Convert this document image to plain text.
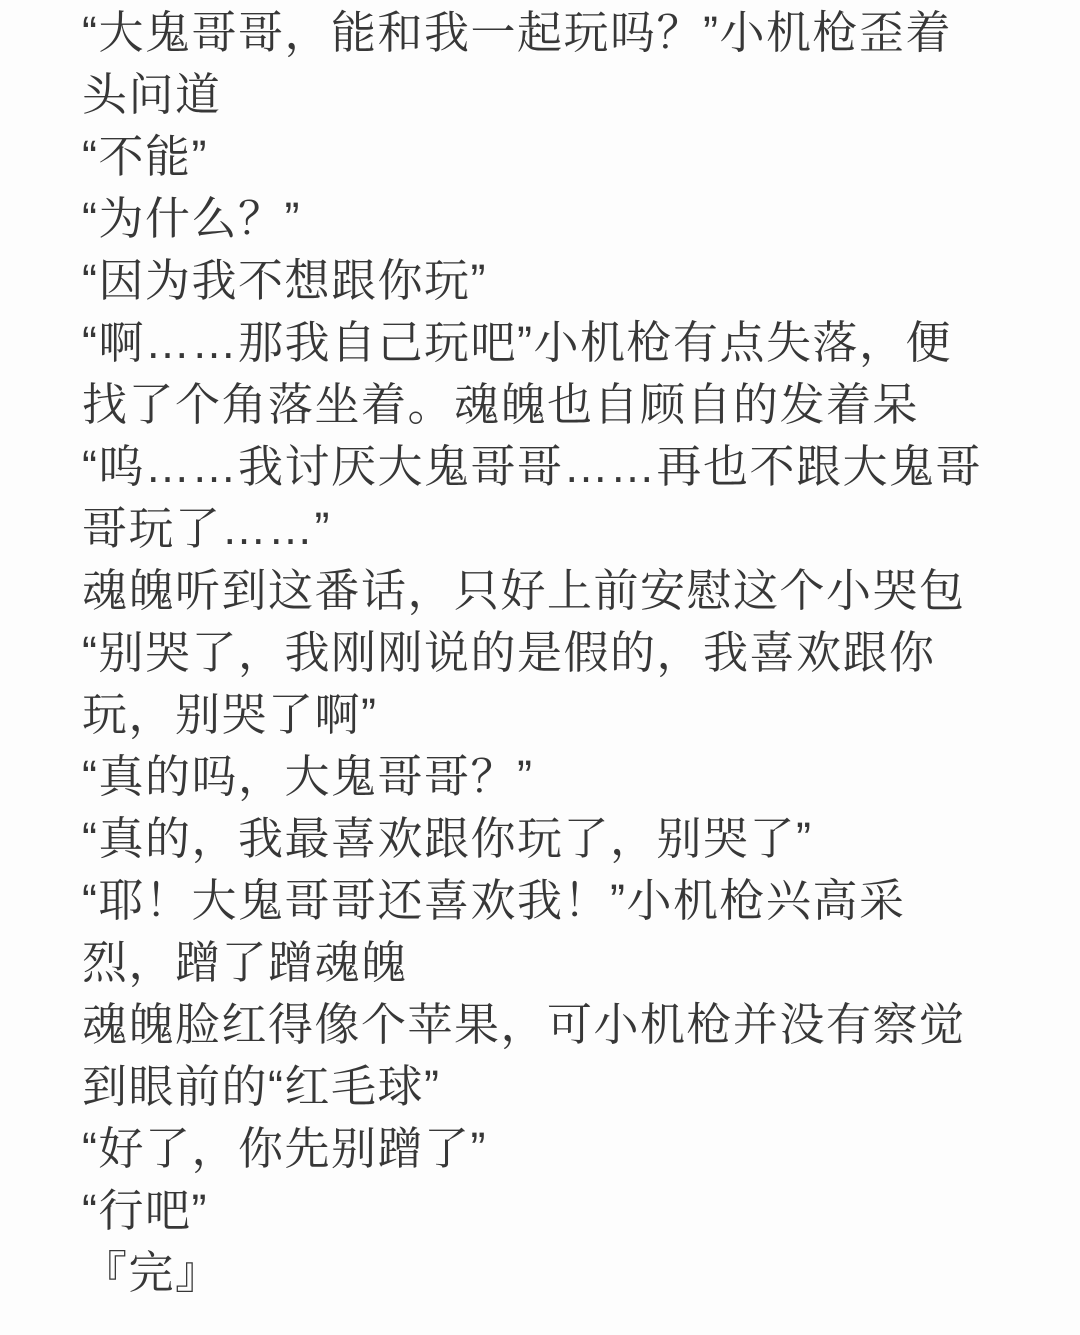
“大鬼哥哥，能和我一起玩吗？”小机枪歪着
头问道
“不能”
“为什么？”
“因为我不想跟你玩”
“啊……那我自己玩吧”小机枪有点失落，便
找了个角落坐着。魂魄也自顾自的发着呆
“呜……我讨厌大鬼哥哥……再也不跟大鬼哥
哥玩了……”
魂魄听到这番话，只好上前安慰这个小哭包
“别哭了，我刚刚说的是假的，我喜欢跟你
玩，别哭了啊”
“真的吗，大鬼哥哥？”
“真的，我最喜欢跟你玩了，别哭了”
“耶！大鬼哥哥还喜欢我！”小机枪兴高采
烈，蹭了蹭魂魄
魂魄脸红得像个苹果，可小机枪并没有察觉
到眼前的“红毛球”
“好了，你先别蹭了”
“行吧”
『完』
